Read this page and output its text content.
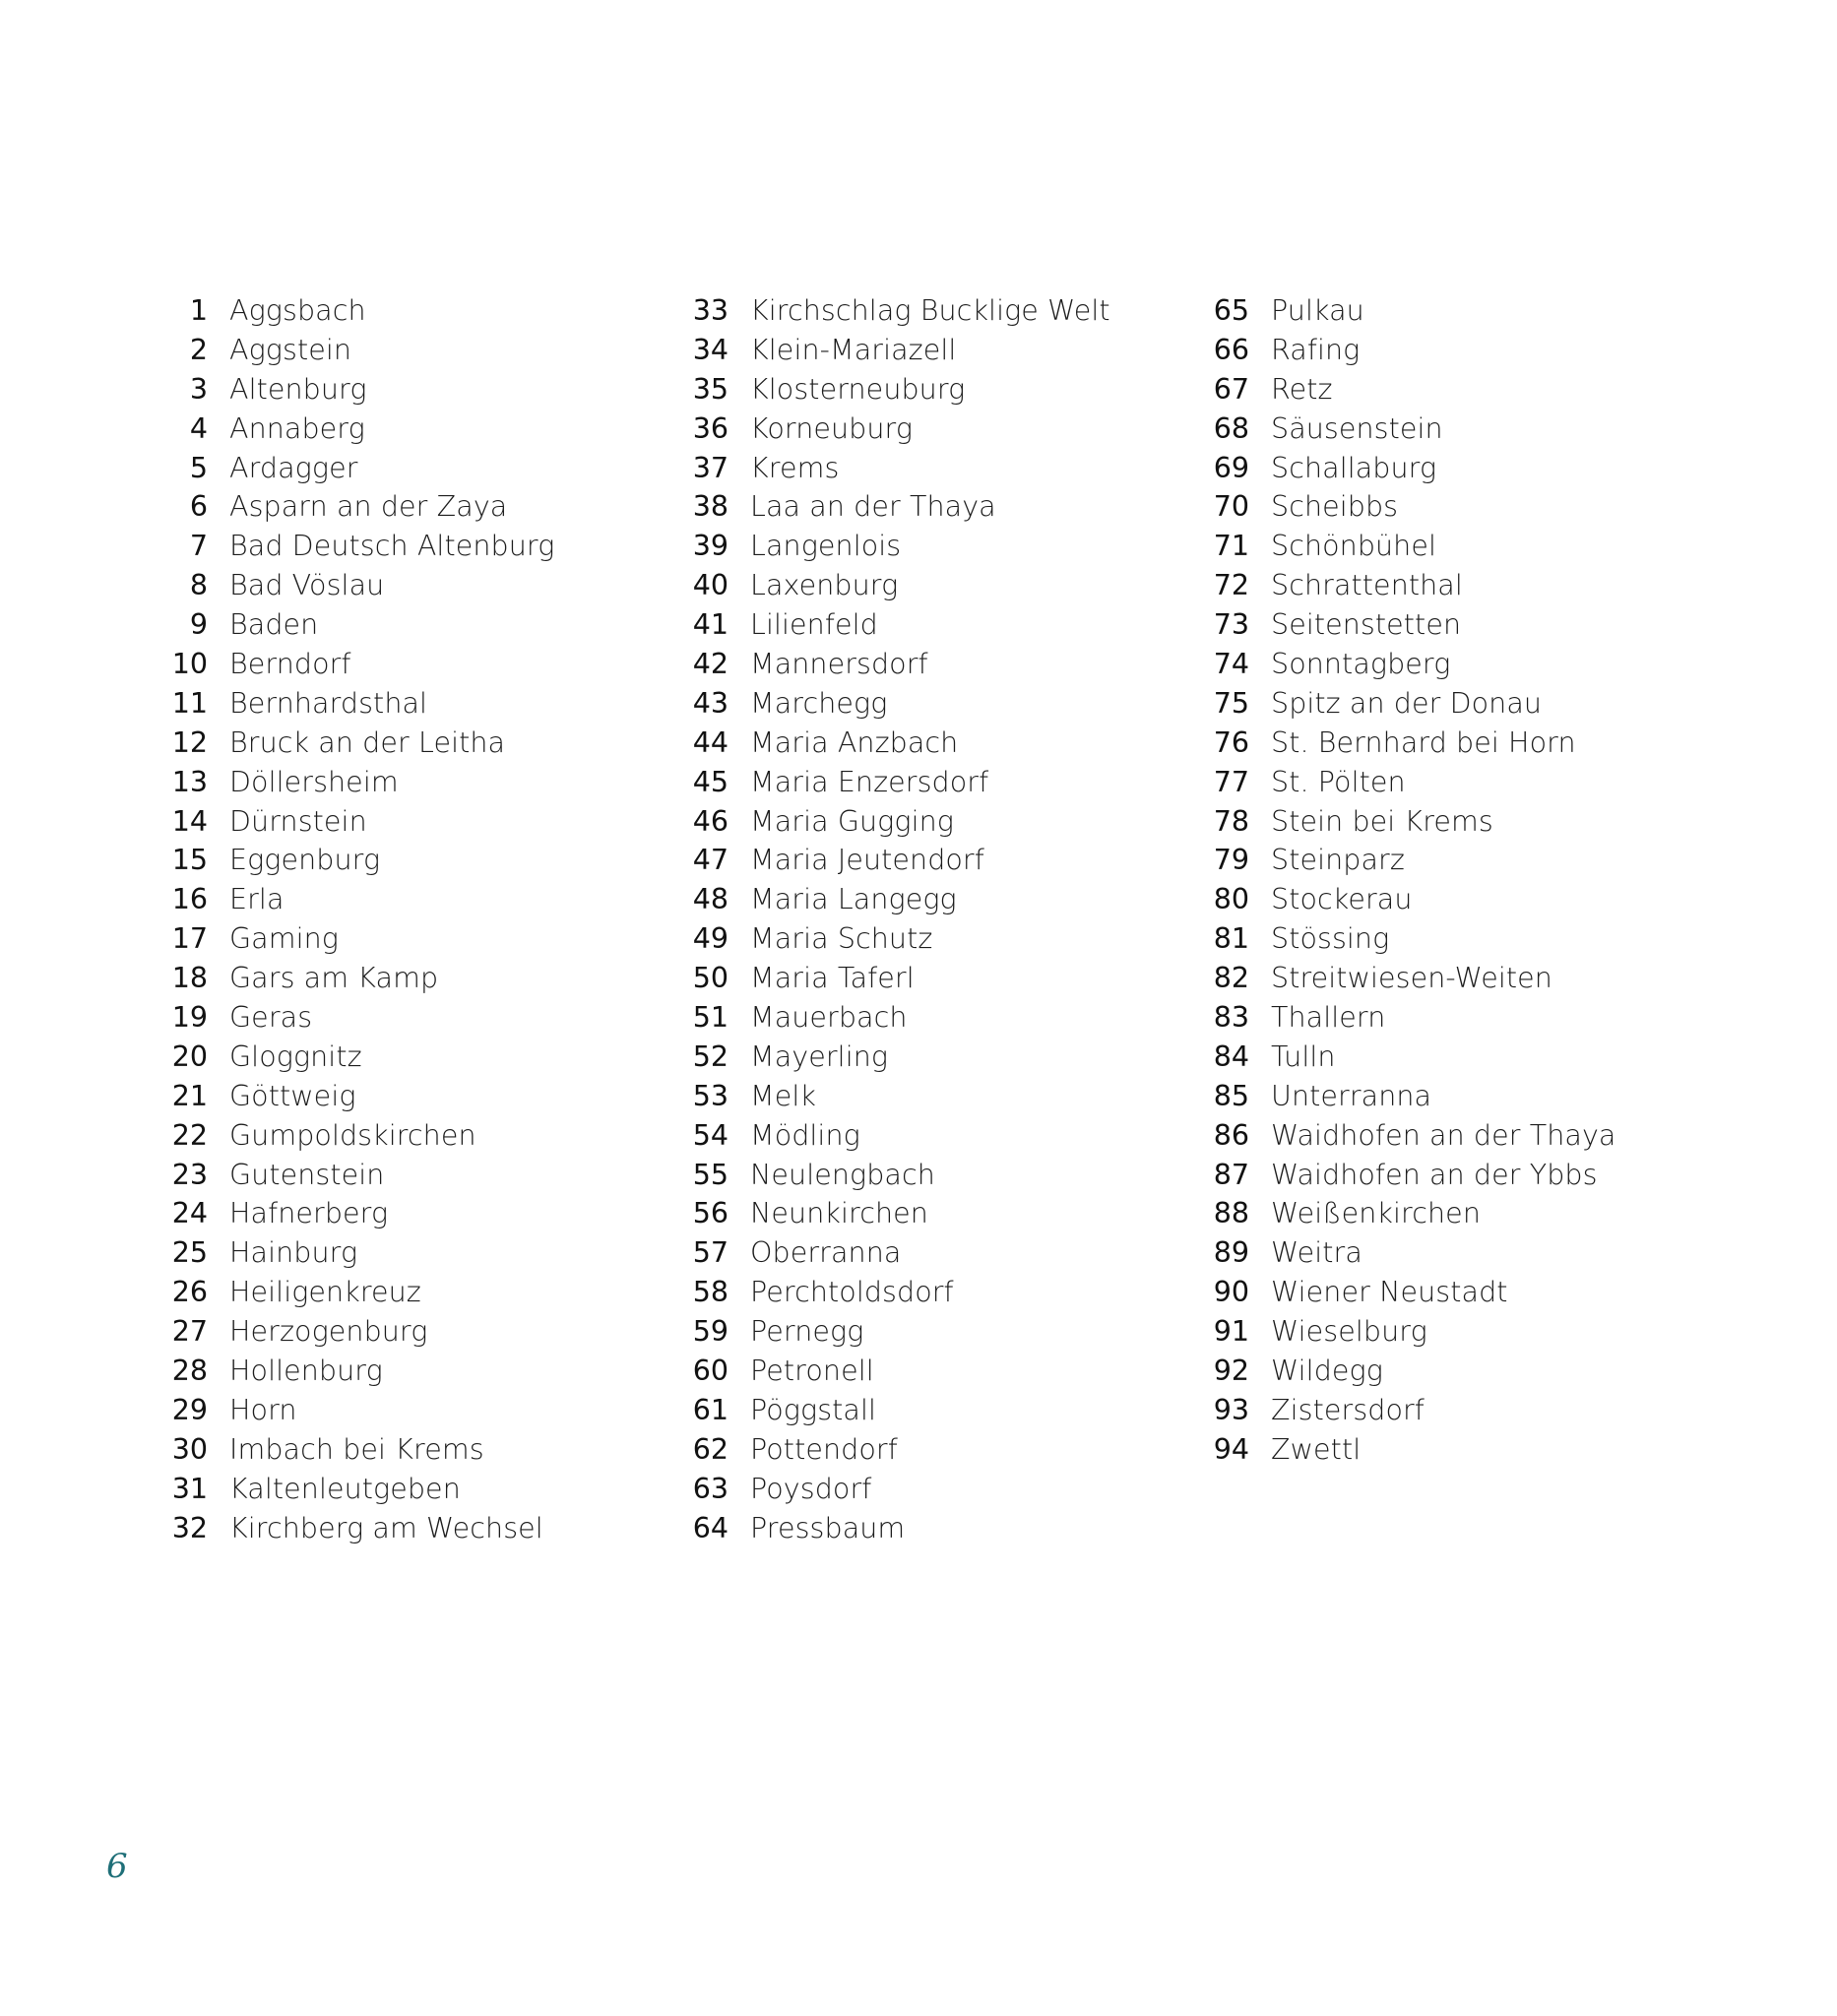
1 Aggsbach
2 Aggstein
3 Altenburg
4 Annaberg
5 Ardagger
6 Asparn an der Zaya
7 Bad Deutsch Altenburg
8 Bad Vöslau
9 Baden
10 Berndorf
11 Bernhardsthal
12 Bruck an der Leitha
13 Döllersheim
14 Dürnstein
15 Eggenburg
16 Erla
17 Gaming
18 Gars am Kamp
19 Geras
20 Gloggnitz
21 Göttweig
22 Gumpoldskirchen
23 Gutenstein
24 Hafnerberg
25 Hainburg
26 Heiligenkreuz
27 Herzogenburg
28 Hollenburg
29 Horn
30 Imbach bei Krems
31 Kaltenleutgeben
32 Kirchberg am Wechsel
33 Kirchschlag Bucklige Welt
34 Klein-Mariazell
35 Klosterneuburg
36 Korneuburg
37 Krems
38 Laa an der Thaya
39 Langenlois
40 Laxenburg
41 Lilienfeld
42 Mannersdorf
43 Marchegg
44 Maria Anzbach
45 Maria Enzersdorf
46 Maria Gugging
47 Maria Jeutendorf
48 Maria Langegg
49 Maria Schutz
50 Maria Taferl
51 Mauerbach
52 Mayerling
53 Melk
54 Mödling
55 Neulengbach
56 Neunkirchen
57 Oberranna
58 Perchtoldsdorf
59 Pernegg
60 Petronell
61 Pöggstall
62 Pottendorf
63 Poysdorf
64 Pressbaum
65 Pulkau
66 Rafing
67 Retz
68 Säusenstein
69 Schallaburg
70 Scheibbs
71 Schönbühel
72 Schrattenthal
73 Seitenstetten
74 Sonntagberg
75 Spitz an der Donau
76 St. Bernhard bei Horn
77 St. Pölten
78 Stein bei Krems
79 Steinparz
80 Stockerau
81 Stössing
82 Streitwiesen-Weiten
83 Thallern
84 Tulln
85 Unterranna
86 Waidhofen an der Thaya
87 Waidhofen an der Ybbs
88 Weißenkirchen
89 Weitra
90 Wiener Neustadt
91 Wieselburg
92 Wildegg
93 Zistersdorf
94 Zwettl
6
